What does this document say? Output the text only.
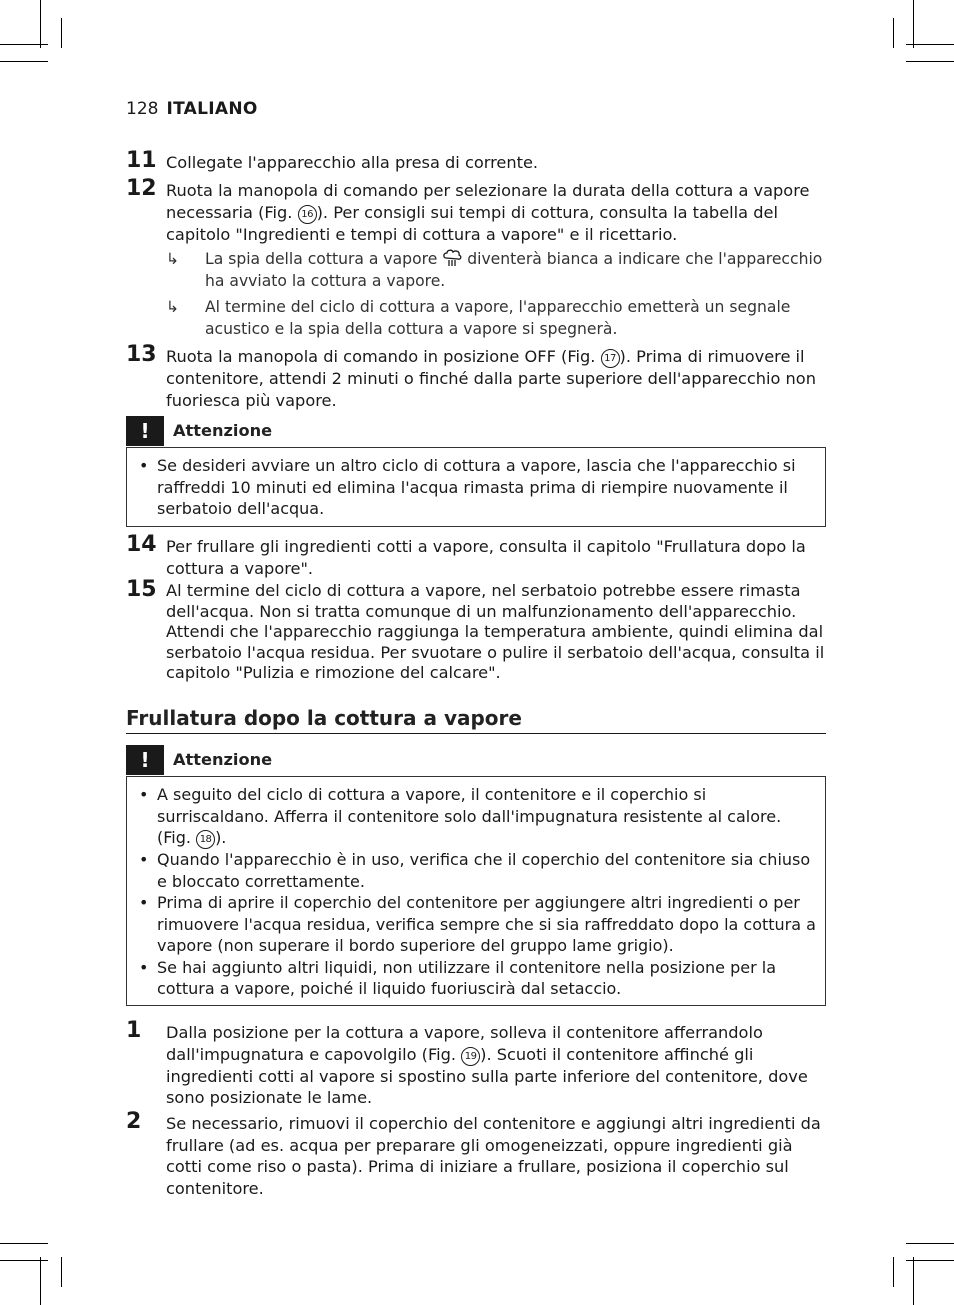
128 ITALIANO
11 Collegate l'apparecchio alla presa di corrente.
12 Ruota la manopola di comando per selezionare la durata della cottura a vapore necessaria (Fig. 16 ). Per consigli sui tempi di cottura, consulta la tabella del capitolo "Ingredienti e tempi di cottura a vapore" e il ricettario.
↳	La spia della cottura a vapore  diventerà bianca a indicare che l'apparecchio ha avviato la cottura a vapore.
↳	Al termine del ciclo di cottura a vapore, l'apparecchio emetterà un segnale acustico e la spia della cottura a vapore si spegnerà.
13 Ruota la manopola di comando in posizione OFF (Fig. 17 ). Prima di rimuovere il contenitore, attendi 2 minuti o finché dalla parte superiore dell'apparecchio non fuoriesca più vapore.
!	Attenzione
• Se desideri avviare un altro ciclo di cottura a vapore, lascia che l'apparecchio si raffreddi 10 minuti ed elimina l'acqua rimasta prima di riempire nuovamente il serbatoio dell'acqua.
14 Per frullare gli ingredienti cotti a vapore, consulta il capitolo "Frullatura dopo la cottura a vapore".
15 Al termine del ciclo di cottura a vapore, nel serbatoio potrebbe essere rimasta dell'acqua. Non si tratta comunque di un malfunzionamento dell'apparecchio. Attendi che l'apparecchio raggiunga la temperatura ambiente, quindi elimina dal serbatoio l'acqua residua. Per svuotare o pulire il serbatoio dell'acqua, consulta il capitolo "Pulizia e rimozione del calcare".
Frullatura dopo la cottura a vapore
!	Attenzione
• A seguito del ciclo di cottura a vapore, il contenitore e il coperchio si surriscaldano. Afferra il contenitore solo dall'impugnatura resistente al calore. (Fig. 18 ).
• Quando l'apparecchio è in uso, verifica che il coperchio del contenitore sia chiuso e bloccato correttamente.
• Prima di aprire il coperchio del contenitore per aggiungere altri ingredienti o per rimuovere l'acqua residua, verifica sempre che si sia raffreddato dopo la cottura a vapore (non superare il bordo superiore del gruppo lame grigio).
• Se hai aggiunto altri liquidi, non utilizzare il contenitore nella posizione per la cottura a vapore, poiché il liquido fuoriuscirà dal setaccio.
1	Dalla posizione per la cottura a vapore, solleva il contenitore afferrandolo dall'impugnatura e capovolgilo (Fig. 19 ). Scuoti il contenitore affinché gli ingredienti cotti al vapore si spostino sulla parte inferiore del contenitore, dove sono posizionate le lame.
2	Se necessario, rimuovi il coperchio del contenitore e aggiungi altri ingredienti da frullare (ad es. acqua per preparare gli omogeneizzati, oppure ingredienti già cotti come riso o pasta). Prima di iniziare a frullare, posiziona il coperchio sul contenitore.
